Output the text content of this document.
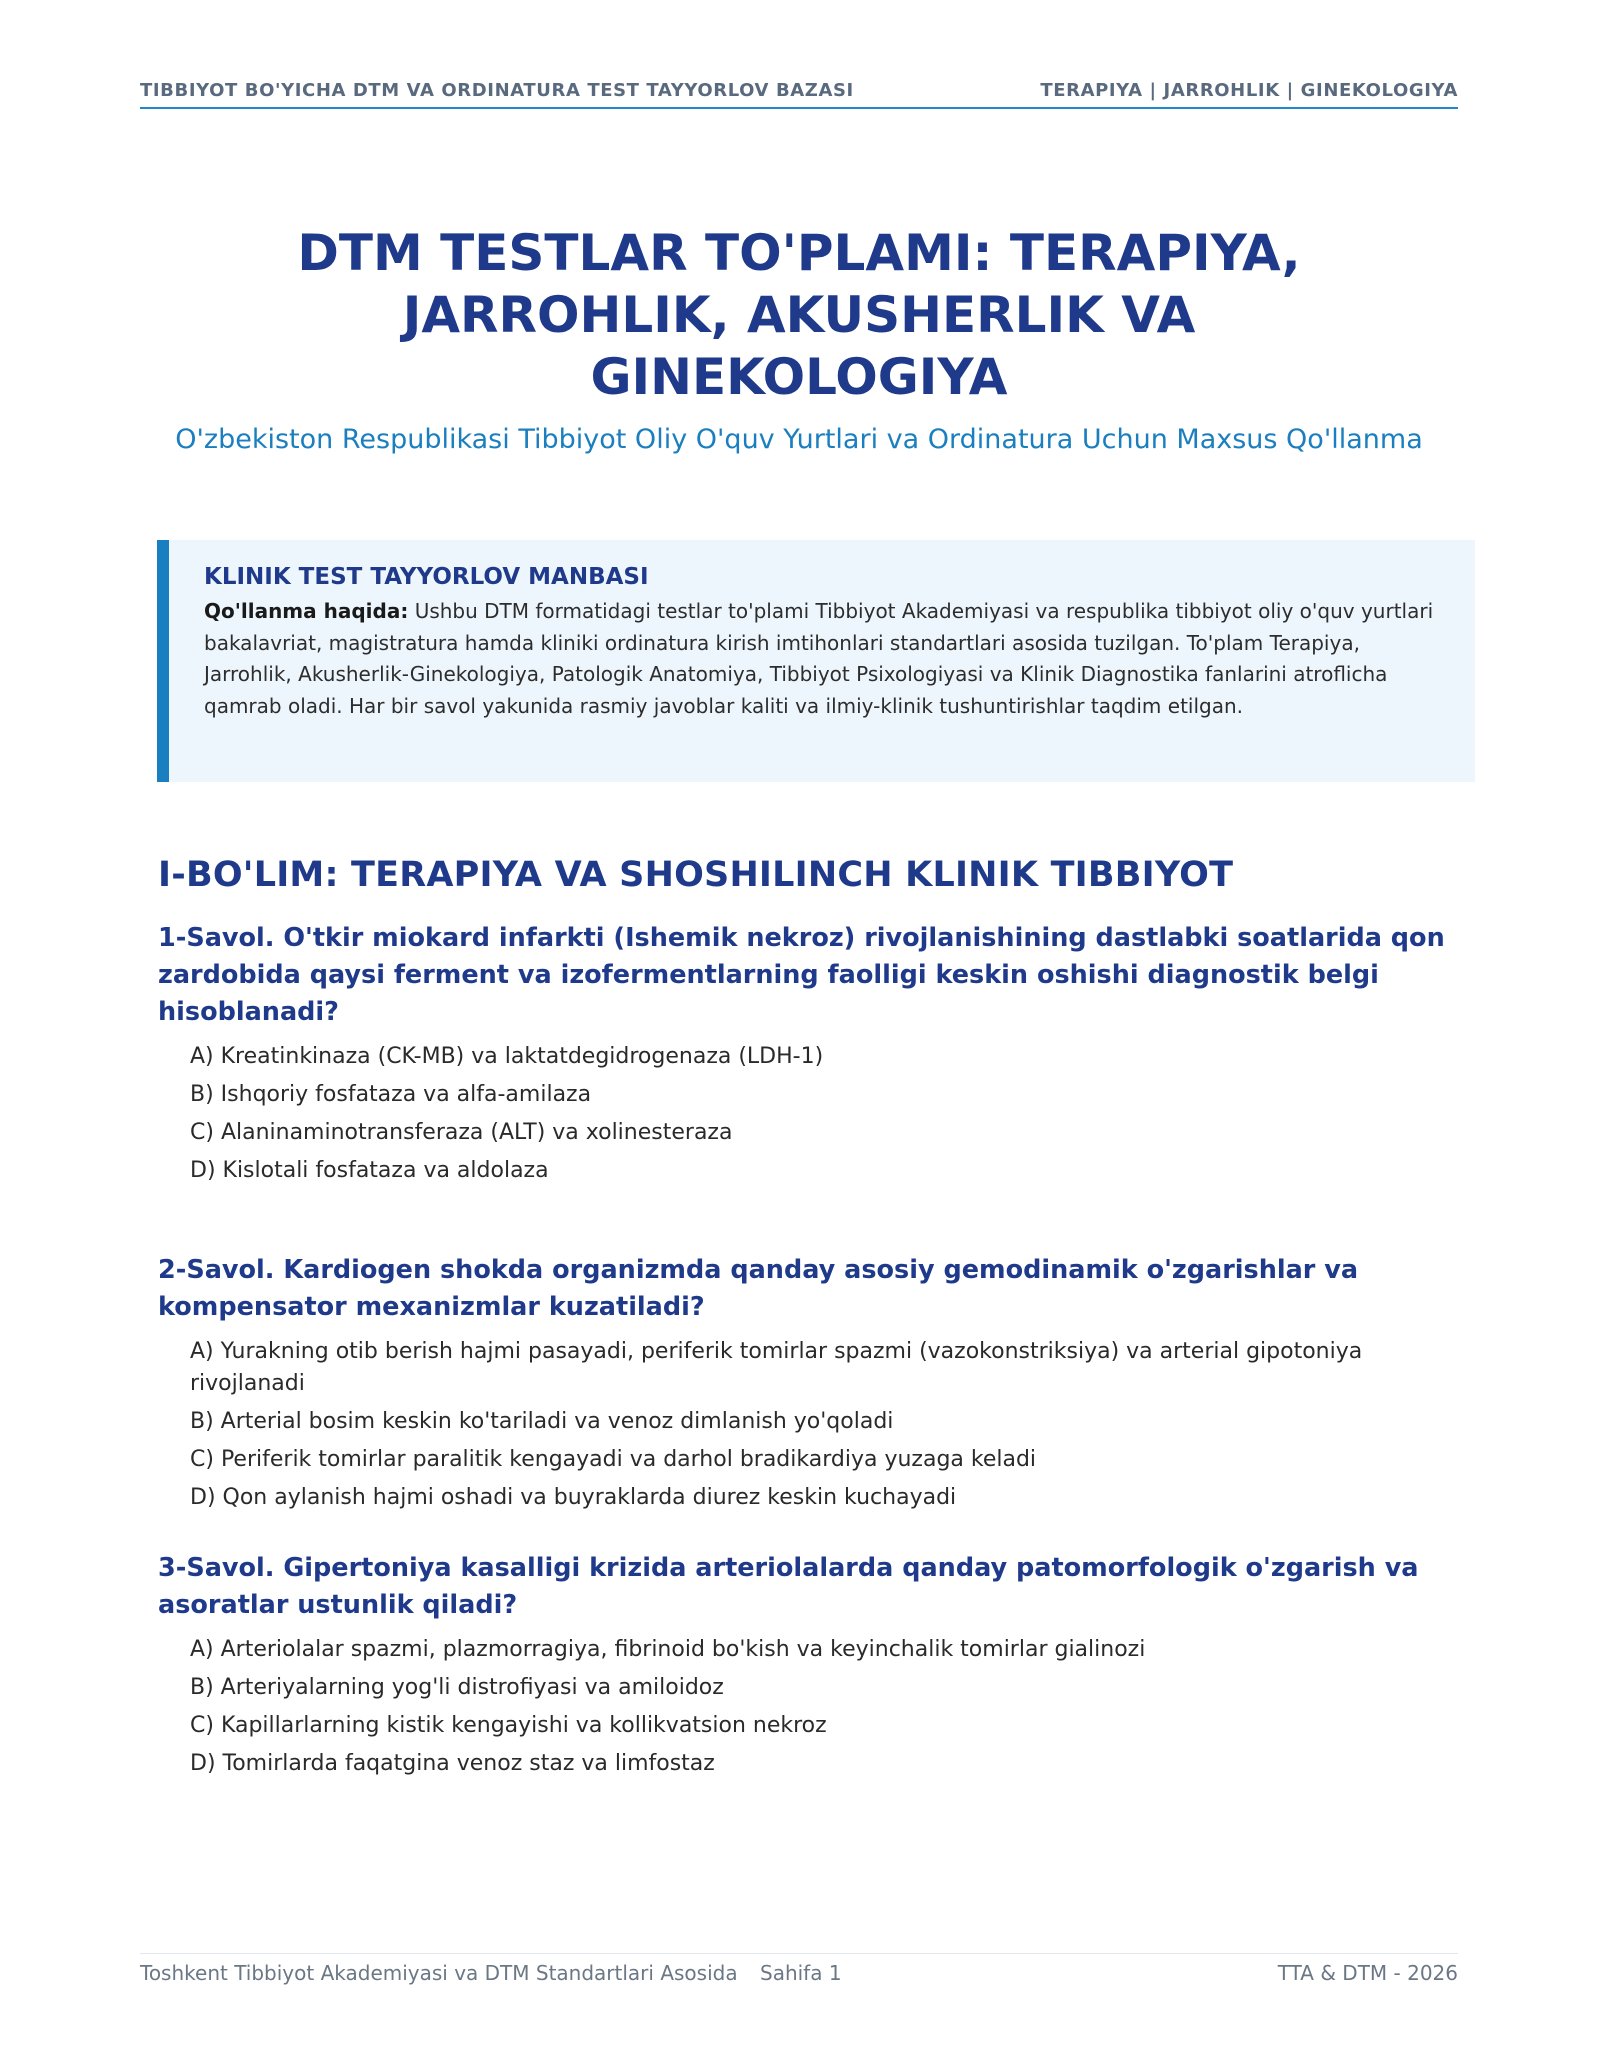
TIBBIYOT BO'YICHA DTM VA ORDINATURA TEST TAYYORLOV BAZASI	TERAPIYA | JARROHLIK | GINEKOLOGIYA
DTM TESTLAR TO'PLAMI: TERAPIYA, JARROHLIK, AKUSHERLIK VA GINEKOLOGIYA
O'zbekiston Respublikasi Tibbiyot Oliy O'quv Yurtlari va Ordinatura Uchun Maxsus Qo'llanma
KLINIK TEST TAYYORLOV MANBASI
Qo'llanma haqida: Ushbu DTM formatidagi testlar to'plami Tibbiyot Akademiyasi va respublika tibbiyot oliy o'quv yurtlari bakalavriat, magistratura hamda kliniki ordinatura kirish imtihonlari standartlari asosida tuzilgan. To'plam Terapiya, Jarrohlik, Akusherlik-Ginekologiya, Patologik Anatomiya, Tibbiyot Psixologiyasi va Klinik Diagnostika fanlarini atroflicha qamrab oladi. Har bir savol yakunida rasmiy javoblar kaliti va ilmiy-klinik tushuntirishlar taqdim etilgan.
I-BO'LIM: TERAPIYA VA SHOSHILINCH KLINIK TIBBIYOT
1-Savol. O'tkir miokard infarkti (Ishemik nekroz) rivojlanishining dastlabki soatlarida qon zardobida qaysi ferment va izofermentlarning faolligi keskin oshishi diagnostik belgi hisoblanadi?
A) Kreatinkinaza (CK-MB) va laktatdegidrogenaza (LDH-1)
B) Ishqoriy fosfataza va alfa-amilaza
C) Alaninaminotransferaza (ALT) va xolinesteraza
D) Kislotali fosfataza va aldolaza
2-Savol. Kardiogen shokda organizmda qanday asosiy gemodinamik o'zgarishlar va kompensator mexanizmlar kuzatiladi?
A) Yurakning otib berish hajmi pasayadi, periferik tomirlar spazmi (vazokonstriksiya) va arterial gipotoniya rivojlanadi
B) Arterial bosim keskin ko'tariladi va venoz dimlanish yo'qoladi
C) Periferik tomirlar paralitik kengayadi va darhol bradikardiya yuzaga keladi
D) Qon aylanish hajmi oshadi va buyraklarda diurez keskin kuchayadi
3-Savol. Gipertoniya kasalligi krizida arteriolalarda qanday patomorfologik o'zgarish va asoratlar ustunlik qiladi?
A) Arteriolalar spazmi, plazmorragiya, fibrinoid bo'kish va keyinchalik tomirlar gialinozi
B) Arteriyalarning yog'li distrofiyasi va amiloidoz
C) Kapillarlarning kistik kengayishi va kollikvatsion nekroz
D) Tomirlarda faqatgina venoz staz va limfostaz
Toshkent Tibbiyot Akademiyasi va DTM Standartlari Asosida Sahifa 1	TTA & DTM - 2026
